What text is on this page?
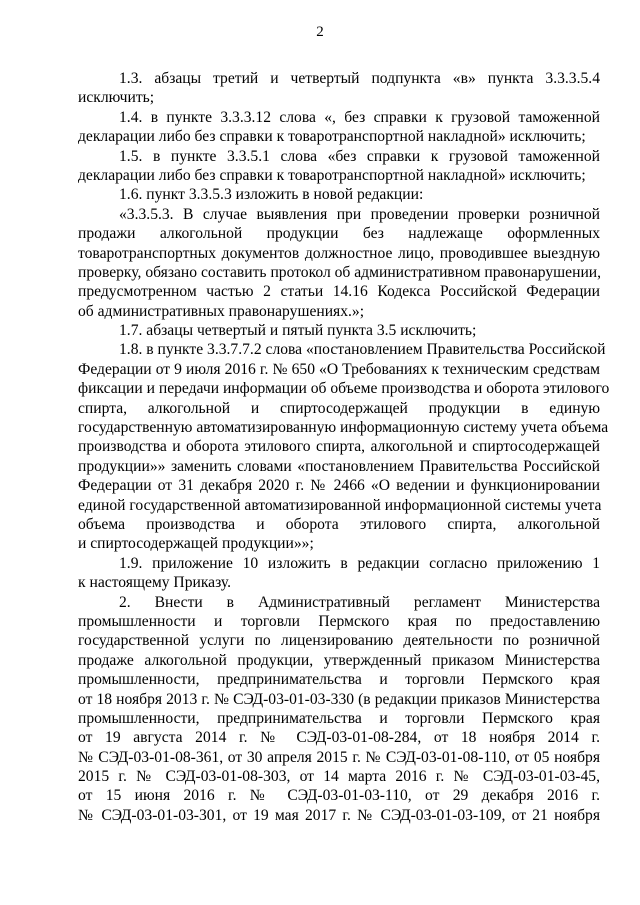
2
1.3. абзацы третий и четвертый подпункта «в» пункта 3.3.3.5.4
исключить;
1.4. в пункте 3.3.3.12 слова «, без справки к грузовой таможенной
декларации либо без справки к товаротранспортной накладной» исключить;
1.5. в пункте 3.3.5.1 слова «без справки к грузовой таможенной
декларации либо без справки к товаротранспортной накладной» исключить;
1.6. пункт 3.3.5.3 изложить в новой редакции:
«3.3.5.3. В случае выявления при проведении проверки розничной
продажи алкогольной продукции без надлежаще оформленных
товаротранспортных документов должностное лицо, проводившее выездную
проверку, обязано составить протокол об административном правонарушении,
предусмотренном частью 2 статьи 14.16 Кодекса Российской Федерации
об административных правонарушениях.»;
1.7. абзацы четвертый и пятый пункта 3.5 исключить;
1.8. в пункте 3.3.7.7.2 слова «постановлением Правительства Российской
Федерации от 9 июля 2016 г. № 650 «О Требованиях к техническим средствам
фиксации и передачи информации об объеме производства и оборота этилового
спирта, алкогольной и спиртосодержащей продукции в единую
государственную автоматизированную информационную систему учета объема
производства и оборота этилового спирта, алкогольной и спиртосодержащей
продукции»» заменить словами «постановлением Правительства Российской
Федерации от 31 декабря 2020 г. № 2466 «О ведении и функционировании
единой государственной автоматизированной информационной системы учета
объема производства и оборота этилового спирта, алкогольной
и спиртосодержащей продукции»»;
1.9. приложение 10 изложить в редакции согласно приложению 1
к настоящему Приказу.
2. Внести в Административный регламент Министерства
промышленности и торговли Пермского края по предоставлению
государственной услуги по лицензированию деятельности по розничной
продаже алкогольной продукции, утвержденный приказом Министерства
промышленности, предпринимательства и торговли Пермского края
от 18 ноября 2013 г. № СЭД-03-01-03-330 (в редакции приказов Министерства
промышленности, предпринимательства и торговли Пермского края
от 19 августа 2014 г. № СЭД-03-01-08-284, от 18 ноября 2014 г.
№ СЭД-03-01-08-361, от 30 апреля 2015 г. № СЭД-03-01-08-110, от 05 ноября
2015 г. № СЭД-03-01-08-303, от 14 марта 2016 г. № СЭД-03-01-03-45,
от 15 июня 2016 г. № СЭД-03-01-03-110, от 29 декабря 2016 г.
№ СЭД-03-01-03-301, от 19 мая 2017 г. № СЭД-03-01-03-109, от 21 ноября
